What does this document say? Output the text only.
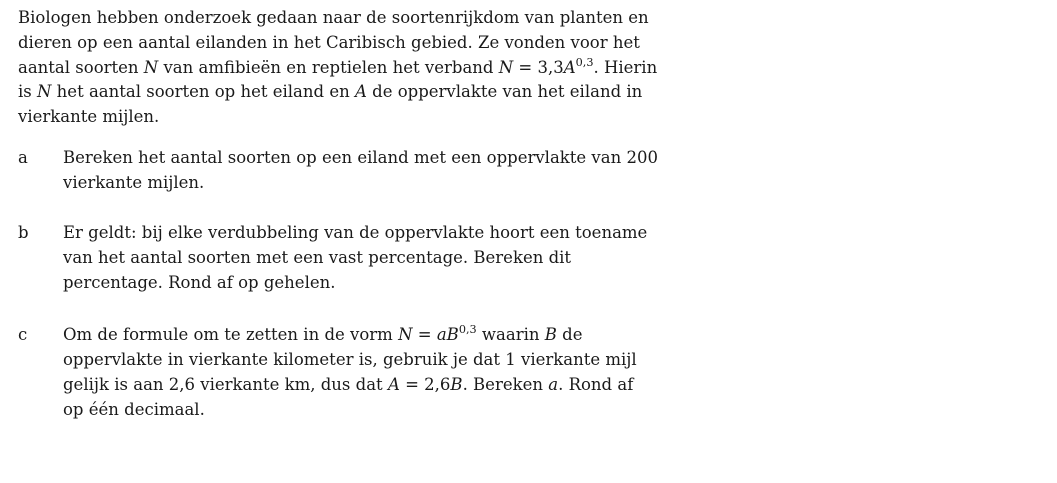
Biologen hebben onderzoek gedaan naar de soortenrijkdom van planten en dieren op een aantal eilanden in het Caribisch gebied. Ze vonden voor het aantal soorten N van amfibieën en reptielen het verband $N = 3,3A^{0,3}$. Hierin is N het aantal soorten op het eiland en A de oppervlakte van het eiland in vierkante mijlen.

a	Bereken het aantal soorten op een eiland met een oppervlakte van 200 vierkante mijlen.
b	Er geldt: bij elke verdubbeling van de oppervlakte hoort een toename van het aantal soorten met een vast percentage. Bereken dit percentage. Rond af op gehelen.
c	Om de formule om te zetten in de vorm N = aB$^{0,3}$ waarin B de oppervlakte in vierkante kilometer is, gebruik je dat 1 vierkante mijl gelijk is aan 2,6 vierkante km, dus dat A = 2,6B. Bereken a. Rond af op één decimaal.
